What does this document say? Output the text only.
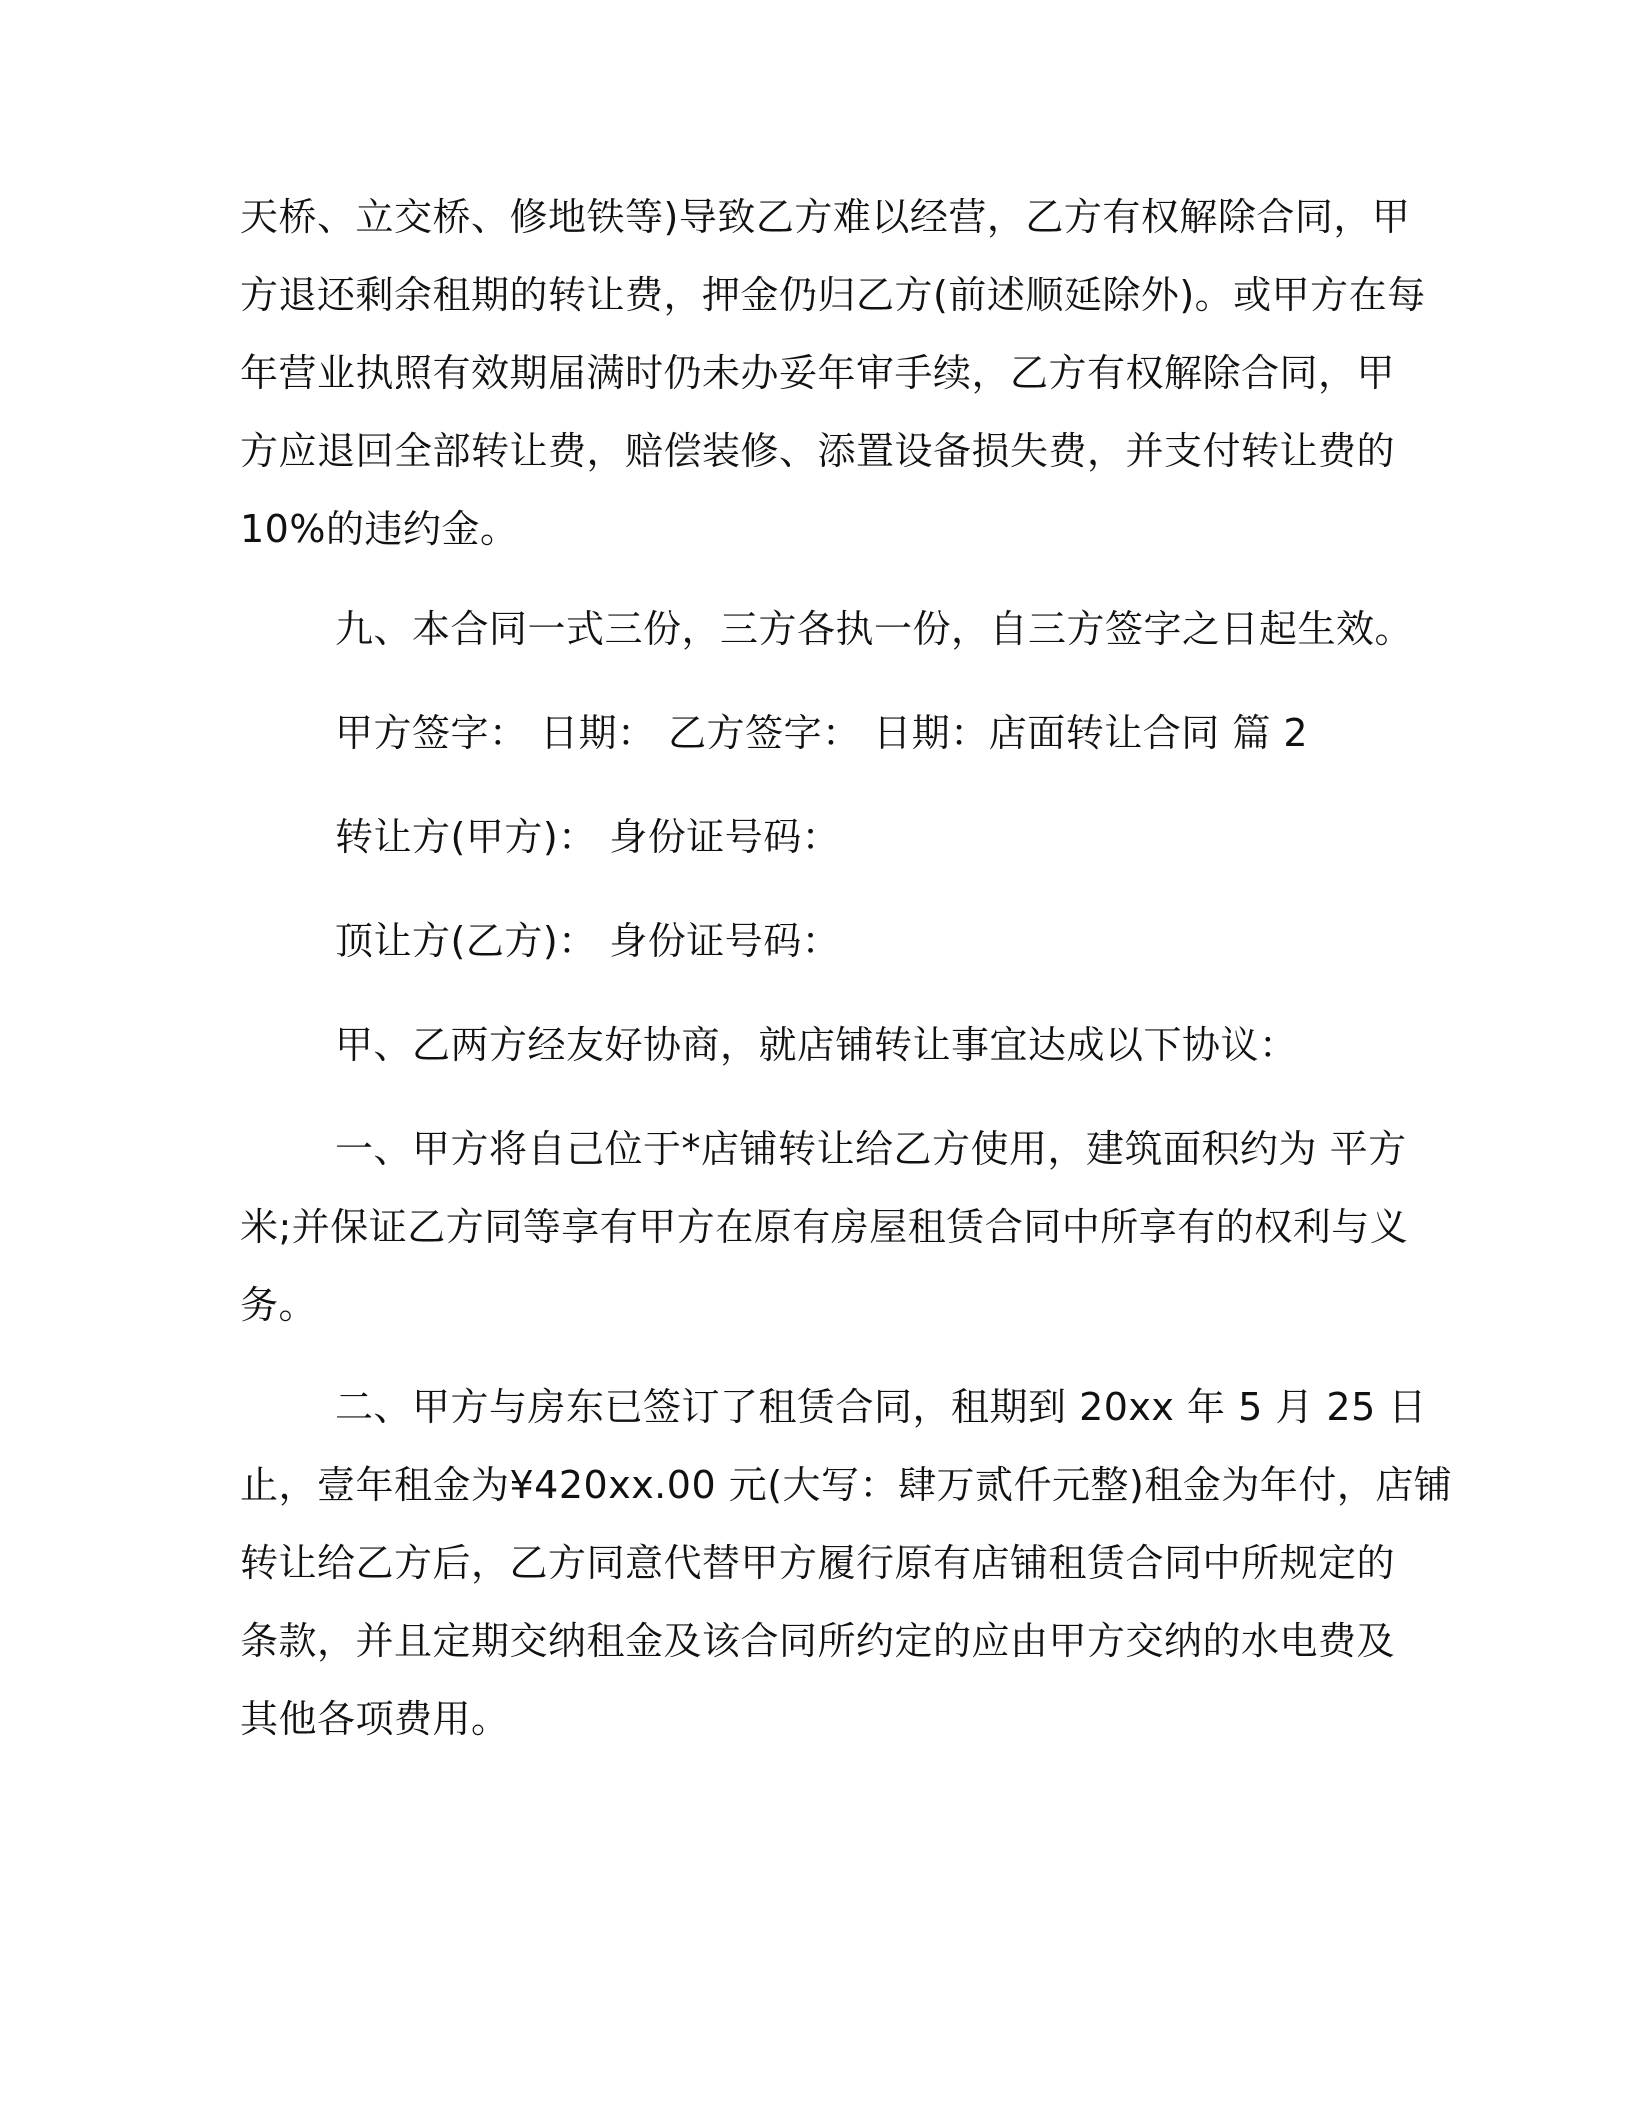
天桥、立交桥、修地铁等)导致乙方难以经营，乙方有权解除合同，甲
方退还剩余租期的转让费，押金仍归乙方(前述顺延除外)。或甲方在每
年营业执照有效期届满时仍未办妥年审手续，乙方有权解除合同，甲
方应退回全部转让费，赔偿装修、添置设备损失费，并支付转让费的
10%的违约金。
九、本合同一式三份，三方各执一份，自三方签字之日起生效。
甲方签字： 日期： 乙方签字： 日期：店面转让合同 篇 2
转让方(甲方)： 身份证号码：
顶让方(乙方)： 身份证号码：
甲、乙两方经友好协商，就店铺转让事宜达成以下协议：
一、甲方将自己位于*店铺转让给乙方使用，建筑面积约为 平方
米;并保证乙方同等享有甲方在原有房屋租赁合同中所享有的权利与义
务。
二、甲方与房东已签订了租赁合同，租期到 20xx 年 5 月 25 日
止，壹年租金为¥420xx.00 元(大写：肆万贰仟元整)租金为年付，店铺
转让给乙方后，乙方同意代替甲方履行原有店铺租赁合同中所规定的
条款，并且定期交纳租金及该合同所约定的应由甲方交纳的水电费及
其他各项费用。
